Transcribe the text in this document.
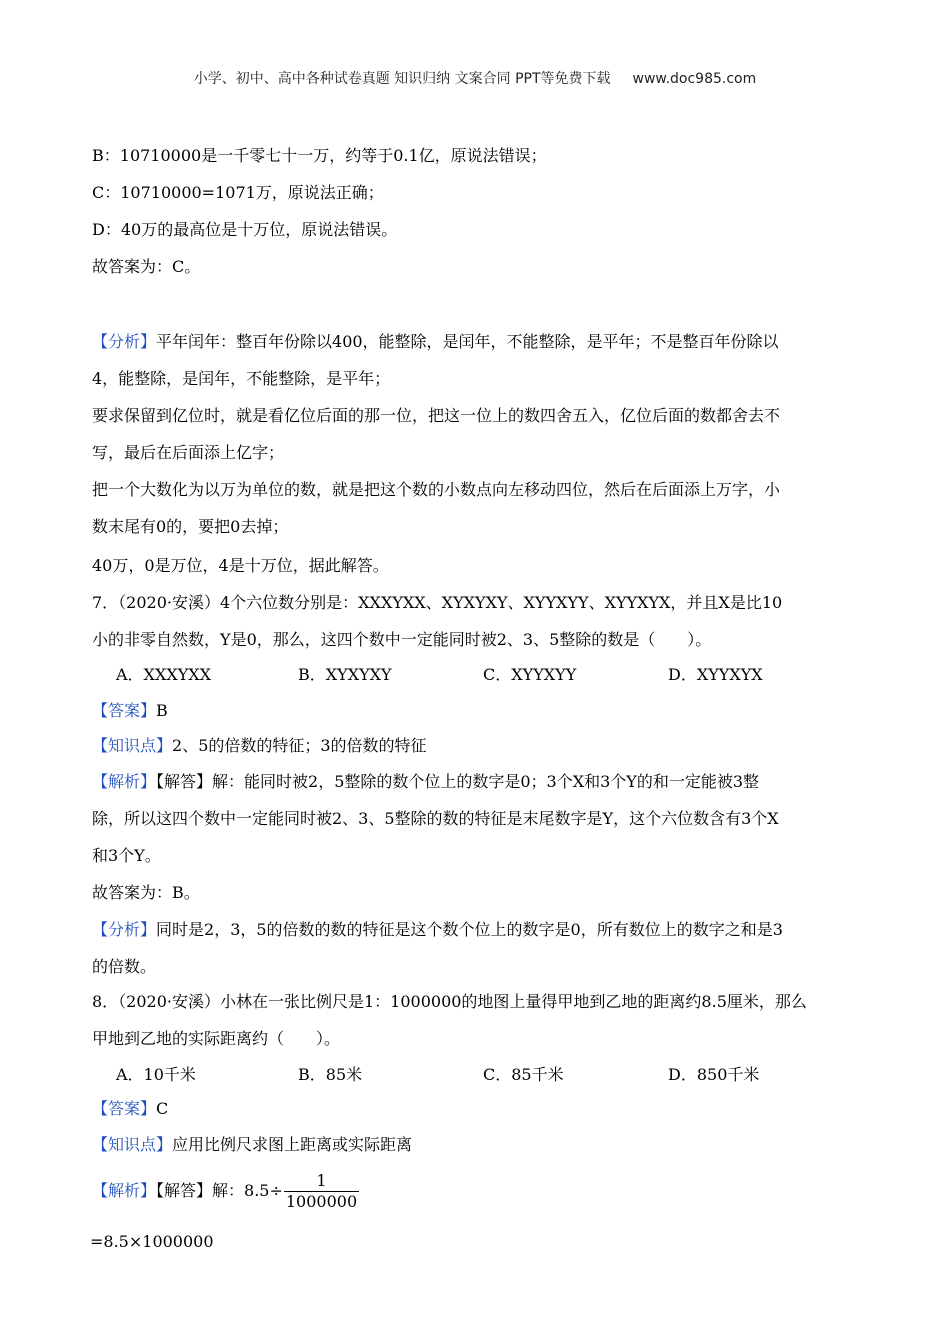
小学、初中、高中各种试卷真题 知识归纳 文案合同 PPT等免费下载 www.doc985.com
B：10710000是一千零七十一万，约等于0.1亿，原说法错误；
C：10710000=1071万，原说法正确；
D：40万的最高位是十万位，原说法错误。
故答案为：C。
【分析】平年闰年：整百年份除以400，能整除，是闰年，不能整除，是平年；不是整百年份除以
4，能整除，是闰年，不能整除，是平年；
要求保留到亿位时，就是看亿位后面的那一位，把这一位上的数四舍五入，亿位后面的数都舍去不
写，最后在后面添上亿字；
把一个大数化为以万为单位的数，就是把这个数的小数点向左移动四位，然后在后面添上万字，小
数末尾有0的，要把0去掉；
40万，0是万位，4是十万位，据此解答。
7．（2020·安溪）4个六位数分别是：XXXYXX、XYXYXY、XYYXYY、XYYXYX，并且X是比10
小的非零自然数，Y是0，那么，这四个数中一定能同时被2、3、5整除的数是（　　）。
A．XXXYXX	B．XYXYXY	C．XYYXYY	D．XYYXYX
【答案】B
【知识点】2、5的倍数的特征；3的倍数的特征
【解析】【解答】解：能同时被2，5整除的数个位上的数字是0；3个X和3个Y的和一定能被3整
除，所以这四个数中一定能同时被2、3、5整除的数的特征是末尾数字是Y，这个六位数含有3个X
和3个Y。
故答案为：B。
【分析】同时是2，3，5的倍数的数的特征是这个数个位上的数字是0，所有数位上的数字之和是3
的倍数。
8．（2020·安溪）小林在一张比例尺是1：1000000的地图上量得甲地到乙地的距离约8.5厘米，那么
甲地到乙地的实际距离约（　　）。
A．10千米	B．85米	C．85千米	D．850千米
【答案】C
【知识点】应用比例尺求图上距离或实际距离
【解析】【解答】解：$8.5\div \frac{1}{1000000}$
=8.5×1000000
